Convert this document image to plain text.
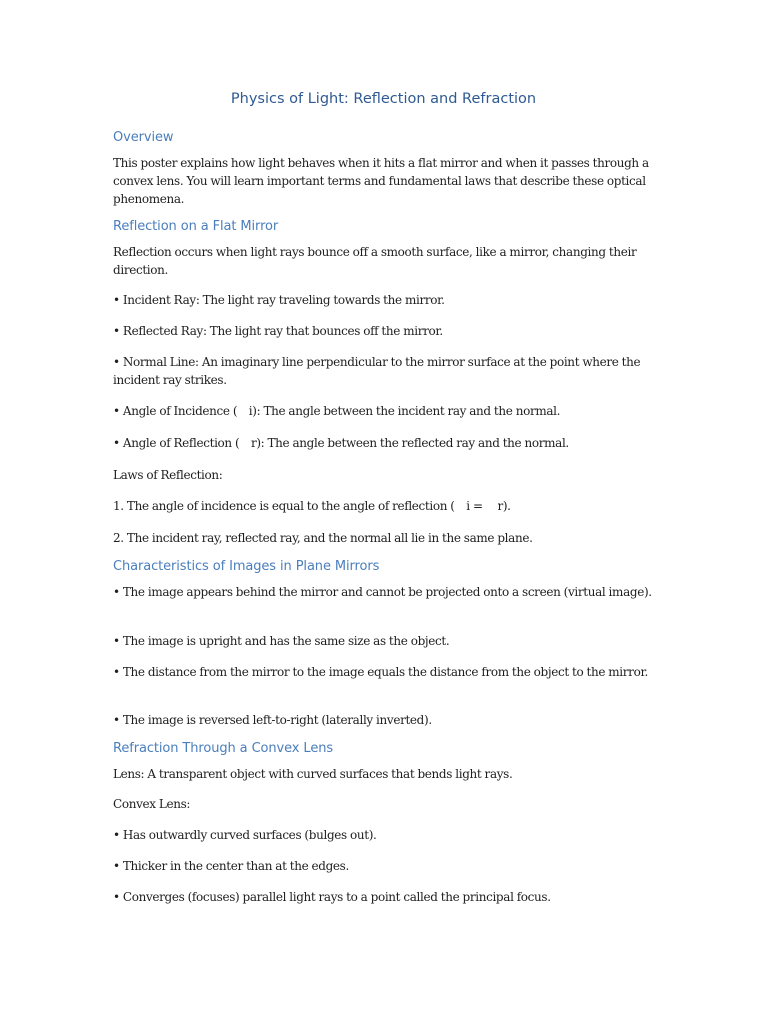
Physics of Light: Reflection and Refraction
Overview
This poster explains how light behaves when it hits a flat mirror and when it passes through a convex lens. You will learn important terms and fundamental laws that describe these optical phenomena.
Reflection on a Flat Mirror
Reflection occurs when light rays bounce off a smooth surface, like a mirror, changing their direction.
• Incident Ray: The light ray traveling towards the mirror.
• Reflected Ray: The light ray that bounces off the mirror.
• Normal Line: An imaginary line perpendicular to the mirror surface at the point where the incident ray strikes.
• Angle of Incidence ( i): The angle between the incident ray and the normal.
• Angle of Reflection ( r): The angle between the reflected ray and the normal.
Laws of Reflection:
1. The angle of incidence is equal to the angle of reflection ( i =  r).
2. The incident ray, reflected ray, and the normal all lie in the same plane.
Characteristics of Images in Plane Mirrors
• The image appears behind the mirror and cannot be projected onto a screen (virtual image).
• The image is upright and has the same size as the object.
• The distance from the mirror to the image equals the distance from the object to the mirror.
• The image is reversed left-to-right (laterally inverted).
Refraction Through a Convex Lens
Lens: A transparent object with curved surfaces that bends light rays.
Convex Lens:
• Has outwardly curved surfaces (bulges out).
• Thicker in the center than at the edges.
• Converges (focuses) parallel light rays to a point called the principal focus.
